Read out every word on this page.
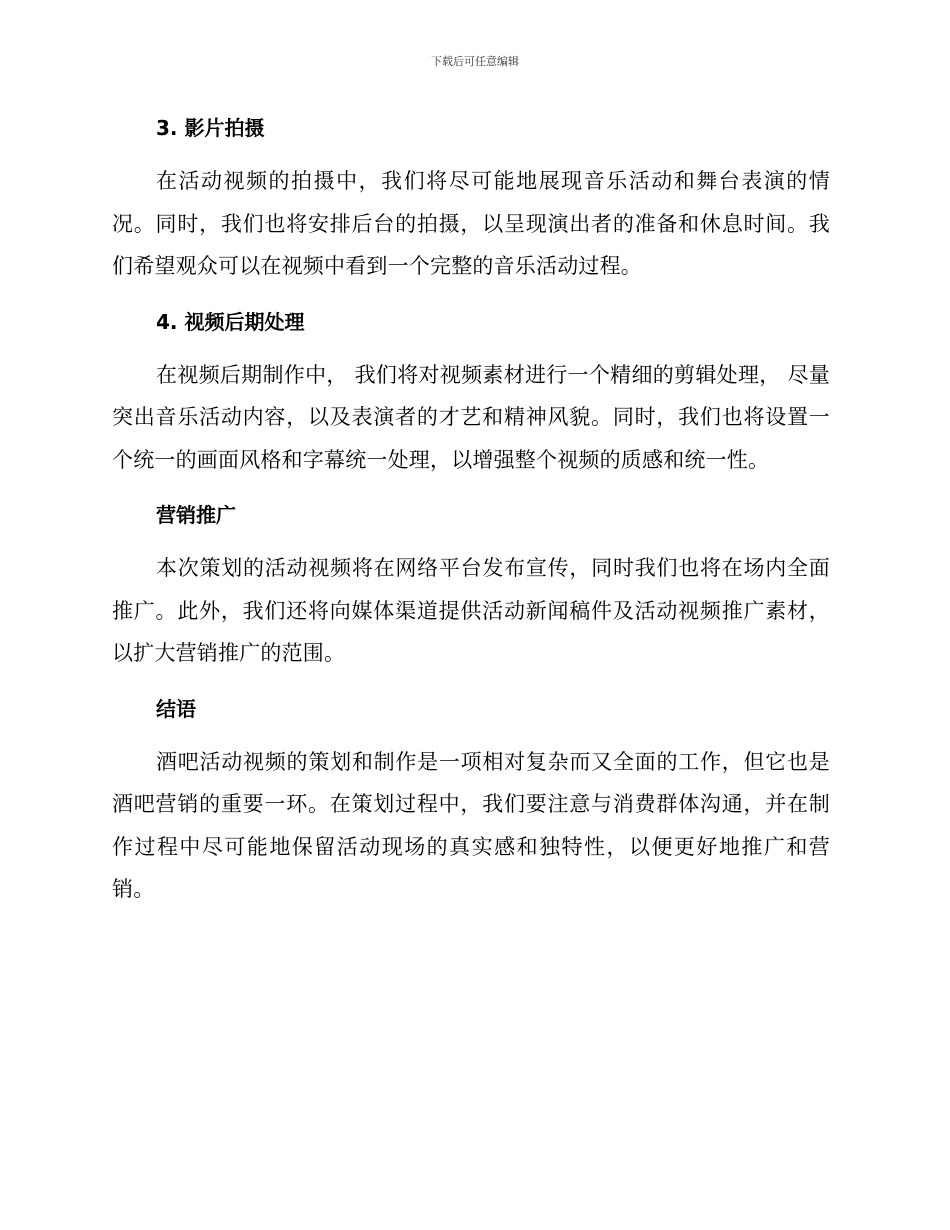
下载后可任意编辑
3. 影片拍摄

在活动视频的拍摄中，我们将尽可能地展现音乐活动和舞台表演的情况。同时，我们也将安排后台的拍摄，以呈现演出者的准备和休息时间。我们希望观众可以在视频中看到一个完整的音乐活动过程。

4. 视频后期处理

在视频后期制作中， 我们将对视频素材进行一个精细的剪辑处理， 尽量突出音乐活动内容，以及表演者的才艺和精神风貌。同时，我们也将设置一个统一的画面风格和字幕统一处理，以增强整个视频的质感和统一性。

营销推广

本次策划的活动视频将在网络平台发布宣传，同时我们也将在场内全面推广。此外，我们还将向媒体渠道提供活动新闻稿件及活动视频推广素材，以扩大营销推广的范围。

结语

酒吧活动视频的策划和制作是一项相对复杂而又全面的工作，但它也是酒吧营销的重要一环。在策划过程中，我们要注意与消费群体沟通，并在制作过程中尽可能地保留活动现场的真实感和独特性，以便更好地推广和营销。
